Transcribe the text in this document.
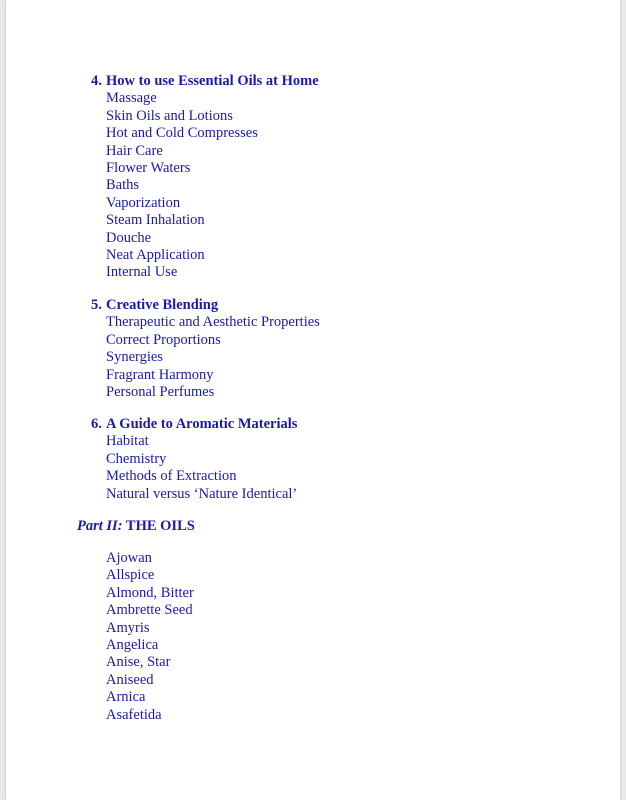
4. How to use Essential Oils at Home
Massage
Skin Oils and Lotions
Hot and Cold Compresses
Hair Care
Flower Waters
Baths
Vaporization
Steam Inhalation
Douche
Neat Application
Internal Use
5. Creative Blending
Therapeutic and Aesthetic Properties
Correct Proportions
Synergies
Fragrant Harmony
Personal Perfumes
6. A Guide to Aromatic Materials
Habitat
Chemistry
Methods of Extraction
Natural versus ‘Nature Identical’
Part II: THE OILS
Ajowan
Allspice
Almond, Bitter
Ambrette Seed
Amyris
Angelica
Anise, Star
Aniseed
Arnica
Asafetida
